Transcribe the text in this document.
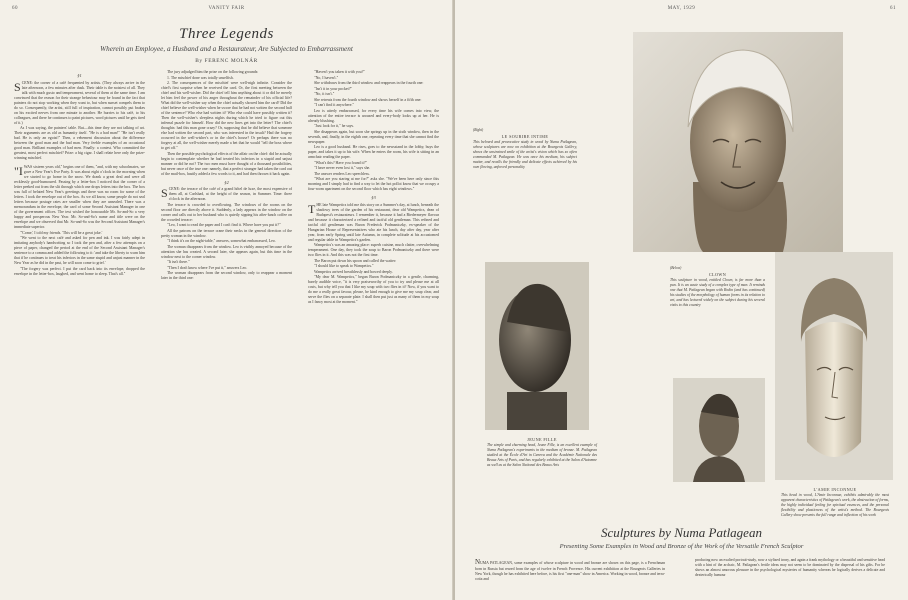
60	VANITY FAIR
Three Legends
Wherein an Employee, a Husband and a Restaurateur, Are Subjected to Embarrassment
By FERENC MOLNÁR

§1

SCENE: the corner of a café frequented by artists. (They always arrive in the late afternoon, a few minutes after dusk. Their table is the noisiest of all. They talk with much gusto and temperament, several of them at the same time. I am convinced that the reason for their strange behaviour may be found in the fact that painters do not stop working when they want to, but when sunset compels them to do so. Consequently, the artist, still full of inspiration, cannot possibly put brakes on his excited nerves from one minute to another. He hurries to his café, to his colleagues, and there he continues to paint pictures, word pictures until he gets tired of it.)

As I was saying, the painters' table. But—this time they are not talking of art. Their arguments are as old as humanity itself. "He is a bad man!" "He isn't really bad. He is only an egoist!" Then, a vehement discussion about the difference between the good man and the bad man. Very feeble examples of an occasional good man. Brilliant examples of bad men. Finally: a contest. Who committed the greatest, most perfect mischief? Prize: a big cigar. I shall relate here only the prize-winning mischief.

"IWAS sixteen years old," begins one of them, "and, with my schoolmates, we gave a New Year's Eve Party. It was about eight o'clock in the morning when we started to go home in the snow. We drank a great deal and were all recklessly good-humoured. Passing by a letter-box I noticed that the corner of a letter peeked out from the slit through which one drops letters into the box. The box was full of belated New Year's greetings and there was no room for some of the letters. I took the envelope out of the box. As we all know, some people do not seal letters because postage rates are smaller when they are unsealed. There was a memorandum in the envelope, the card of some Second Assistant Manager in one of the government offices. The text wished the honourable Mr. So-and-So a very happy and prosperous New Year. Mr. So-and-So's name and title were on the envelope and we observed that Mr. So-and-So was the Second Assistant Manager's immediate superior.

"'Come,' I told my friends. 'This will be a great joke.'

"We went to the next café and asked for pen and ink. I was fairly adept in imitating anybody's handwriting so I took the pen and, after a few attempts on a piece of paper, changed the period at the end of the Second Assistant Manager's sentence to a comma and added the following to it: 'and take the liberty to warn him that if he continues to treat his inferiors in the same stupid and unjust manner in the New Year as he did in the past, he will soon come to grief.'

"The forgery was perfect. I put the card back into its envelope, dropped the envelope in the letter-box, laughed, and went home to sleep. That's all."

The jury adjudged him the prize on the following grounds:

1. The mischief done was totally unselfish.

2. The consequences of the mischief were well-nigh infinite. Consider the chief's first surprise when he received the card. Or, the first meeting between the chief and his well-wisher. Did the chief tell him anything about it or did he merely let him feel the power of his anger throughout the remainder of his official life? What did the well-wisher say when the chief actually showed him the card? Did the chief believe the well-wisher when he swore that he had not written the second half of the sentence? Who else had written it? Who else could have possibly written it? Then the well-wisher's sleepless nights during which he tried to figure out this infernal puzzle for himself. How did the new lines get into the letter? The chief's thoughts: had this man gone crazy? Or, supposing that he did believe that someone else had written the second part, who was interested in the insult? Had the forgery occurred in the well-wisher's or in the chief's house? Or perhaps there was no forgery at all, the well-wisher merely made a bet that he would "tell the boss where to get off."

Then the possible psychological effects of the affair on the chief: did he actually begin to contemplate whether he had treated his inferiors in a stupid and unjust manner or did he not? The two men must have thought of a thousand possibilities, but never once of the true one: namely, that a perfect stranger had taken the card out of the mail-box, hastily added a few words to it, and had then thrown it back again.

§2

SCENE: the terrace of the café of a grand hôtel de luxe, the most expensive of them all, at Carlsbad, at the height of the season, in Summer. Time: three o'clock in the afternoon.

The terrace is crowded to overflowing. The windows of the rooms on the second floor are directly above it. Suddenly, a lady appears in the window on the corner and calls out to her husband who is quietly sipping his after-lunch coffee on the crowded terrace:

"Leo, I want to read the paper and I can't find it. Where have you put it?"

All the patrons on the terrace crane their necks in the general direction of the pretty woman in the window.

"I think it's on the night-table," answers, somewhat embarrassed, Leo.

The woman disappears from the window. Leo is visibly annoyed because of the attention she has created. A second later, she appears again, but this time in the window next to the corner window.

"It isn't there."

"Then I don't know where I've put it," answers Leo.

The woman disappears from the second window, only to reappear a moment later in the third one:

"Haven't you taken it with you?"

"No, I haven't."

She withdraws from the third window and reappears in the fourth one:

"Isn't it in your pocket?"

"No, it isn't."

She retreats from the fourth window and shows herself in a fifth one:

"I can't find it anywhere."

Leo is utterly embarrassed, for every time his wife comes into view, the attention of the entire terrace is aroused and every-body looks up at her. He is already blushing.

"Just look for it," he says.

She disappears again, but soon she springs up in the sixth window, then in the seventh, and, finally, in the eighth one, repeating every time that she cannot find the newspaper.

Leo is a good husband. He rises, goes to the newsstand in the lobby, buys the paper, and takes it up to his wife. When he enters the room, his wife is sitting in an armchair reading the paper.

"What's this? Have you found it?"

"I have never even lost it," says she.

The answer renders Leo speechless.

"What are you staring at me for?" asks she. "We've been here only since this morning and I simply had to find a way to let the hot polloi know that we occupy a four-room apartment on the second floor which has eight windows."

§3

THE late Wampetics told me this story on a Summer's day, at lunch, beneath the shadowy trees of the garden of his restaurant, dear old Wampetics, dean of Budapest's restaurateurs. I remember it, because it had a Biedermeyer flavour and because it characterized a refined and tactful old gentleman. This refined and tactful old gentleman was Baron Frederick Podmaniczky, ex-speaker of the Hungarian House of Representatives who ate his lunch, day after day, year after year, from early Spring until late Autumn, in complete solitude at his accustomed and regular table in Wampetics's garden.

Wampetics's was an amazing place: superb cuisine, much clatter, overwhelming temperament. One day, they took the soup to Baron Podmaniczky and there were two flies in it. And this was not the first time.

The Baron put down his spoon and called the waiter:

"I should like to speak to Wampetics."

Wampetics arrived breathlessly and bowed deeply.

"My dear M. Wampetics," began Baron Podmaniczky in a gentle, charming, barely audible voice, "it is very praiseworthy of you to try and please me at all costs, but why tell you that I like my soup with two flies in it? Now, if you want to do me a really great favour, please, be kind enough to give me my soup clear, and serve the flies on a separate plate. I shall then put just as many of them in my soup as I fancy most at the moment."

MAY, 1929	61
(Right)
LE SOURIRE INTIME
This beloved and provocative study in wood by Numa Patlagean, whose sculptures are now on exhibition at the Bourgeois Gallery, shows the unstrained smile of the artist's vision which has so often commanded M. Patlagean. He was once his medium, his subject matter, and recalls the friendly and delicate effects achieved by his own flowing, unforced personality
(Below)
CLOWN
This sculpture in wood, entitled Clown, is far more than a pun. It is an acute study of a complex type of man. It reminds one that M. Patlagean began with Rodin (and has continued) his studies of the morphology of human forms in its relation to art, and has lectured widely on the subject during his several visits to this country
JEUNE FILLE
The simple and charming head, Jeune Fille, is an excellent example of Numa Patlagean's experiments in the medium of bronze. M. Patlagean studied at the École d'Art in Geneva and the Académie Nationale des Beaux Arts of Paris, and has regularly exhibited at the Salon d'Automne as well as at the Salon National des Beaux Arts
L'AMIE INCONNUE
This head in wood, L'Amie Inconnue, exhibits admirably the most apparent characteristics of Patlagean's work, the abstraction of forms, the highly individual feeling for spiritual essences, and the personal flexibility and plasticness of the artist's method. The Bourgeois Gallery show presents the full range and inflection of his work
Sculptures by Numa Patlagean
Presenting Some Examples in Wood and Bronze of the Work of the Versatile French Sculptor
NUMA PATLAGEAN, some examples of whose sculpture in wood and bronze are shown on this page, is a Frenchman born in Russia but reared from the age of twelve in French Provence. His current exhibition at the Bourgeois Galleries in New York, though he has exhibited here before, is his first "one-man" show in America. Working in wood, bronze and terra-cotta and
producing now an exalted portrait-study, now a stylized irony, and again a frank mythology or a beautiful and sensitive head with a hint of the archaic, M. Patlagean's fertile ideas may not seem to be dominated by the dispersal of his gifts. For he shows an almost amorous pleasure in the psychological mysteries of humanity whereas he logically derives a delicate and dexterically humour
